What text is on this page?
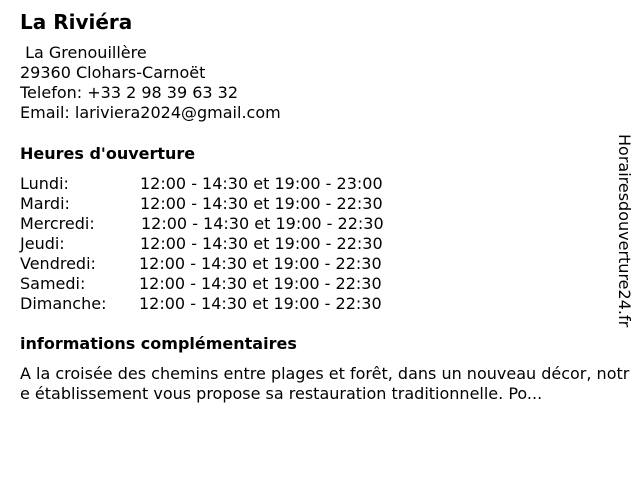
La Riviéra
La Grenouillère
29360 Clohars-Carnoët
Telefon: +33 2 98 39 63 32
Email: lariviera2024@gmail.com
Heures d'ouverture
Lundi:	12:00 - 14:30 et 19:00 - 23:00
Mardi:	12:00 - 14:30 et 19:00 - 22:30
Mercredi:	12:00 - 14:30 et 19:00 - 22:30
Jeudi:	12:00 - 14:30 et 19:00 - 22:30
Vendredi:	12:00 - 14:30 et 19:00 - 22:30
Samedi:	12:00 - 14:30 et 19:00 - 22:30
Dimanche: 12:00 - 14:30 et 19:00 - 22:30
informations complémentaires
A la croisée des chemins entre plages et forêt, dans un nouveau décor, notre établissement vous propose sa restauration traditionnelle. Po...
Horairesdouverture24.fr
